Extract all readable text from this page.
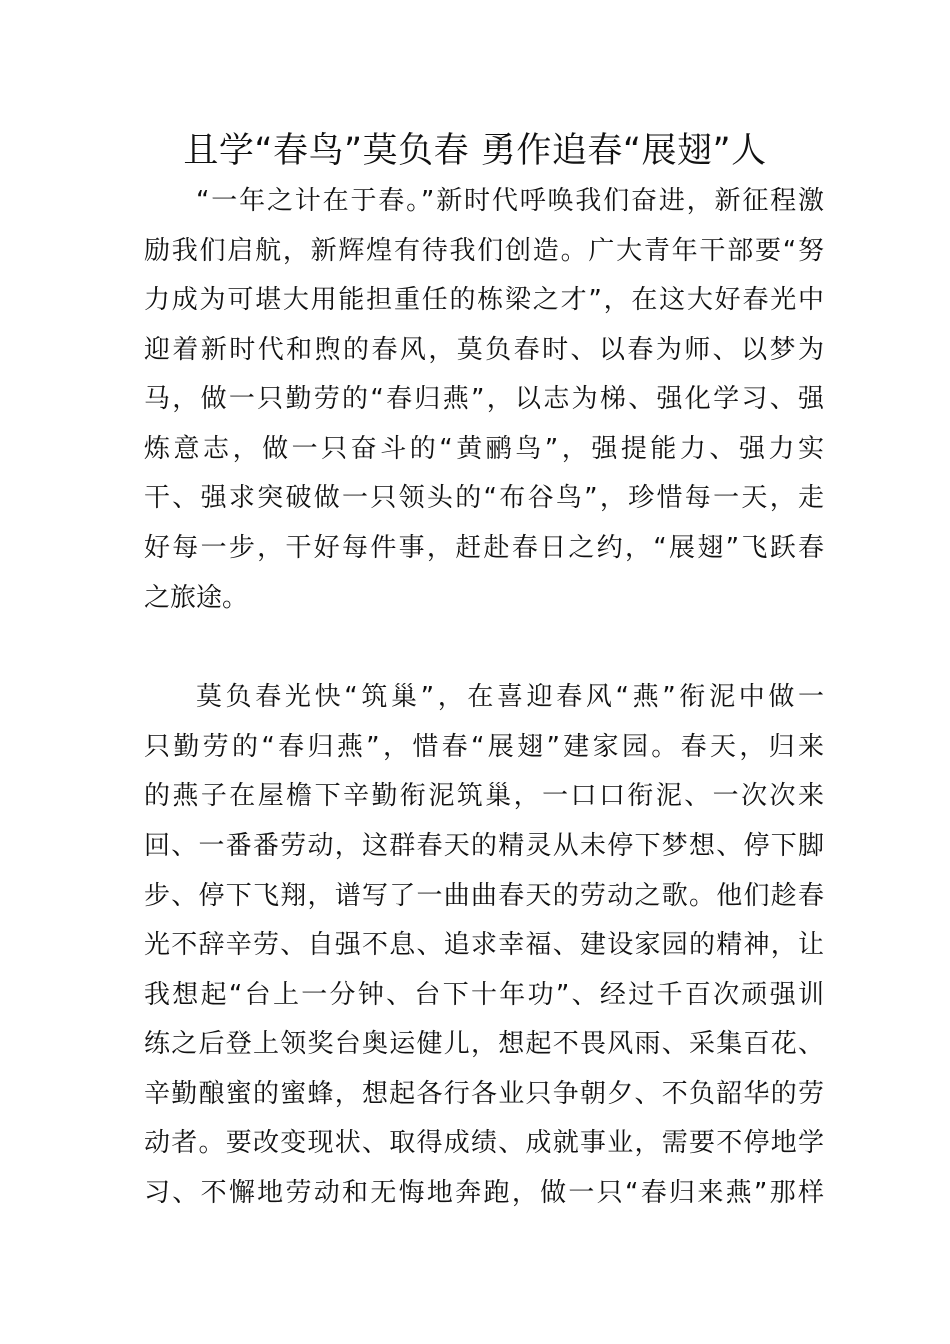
且学“春鸟”莫负春 勇作追春“展翅”人
“一年之计在于春。”新时代呼唤我们奋进，新征程激
励我们启航，新辉煌有待我们创造。广大青年干部要“努
力成为可堪大用能担重任的栋梁之才”，在这大好春光中
迎着新时代和煦的春风，莫负春时、以春为师、以梦为
马，做一只勤劳的“春归燕”，以志为梯、强化学习、强
炼意志，做一只奋斗的“黄鹂鸟”，强提能力、强力实
干、强求突破做一只领头的“布谷鸟”，珍惜每一天，走
好每一步，干好每件事，赶赴春日之约，“展翅”飞跃春
之旅途。
莫负春光快“筑巢”，在喜迎春风“燕”衔泥中做一
只勤劳的“春归燕”，惜春“展翅”建家园。春天，归来
的燕子在屋檐下辛勤衔泥筑巢，一口口衔泥、一次次来
回、一番番劳动，这群春天的精灵从未停下梦想、停下脚
步、停下飞翔，谱写了一曲曲春天的劳动之歌。他们趁春
光不辞辛劳、自强不息、追求幸福、建设家园的精神，让
我想起“台上一分钟、台下十年功”、经过千百次顽强训
练之后登上领奖台奥运健儿，想起不畏风雨、采集百花、
辛勤酿蜜的蜜蜂，想起各行各业只争朝夕、不负韶华的劳
动者。要改变现状、取得成绩、成就事业，需要不停地学
习、不懈地劳动和无悔地奔跑，做一只“春归来燕”那样
